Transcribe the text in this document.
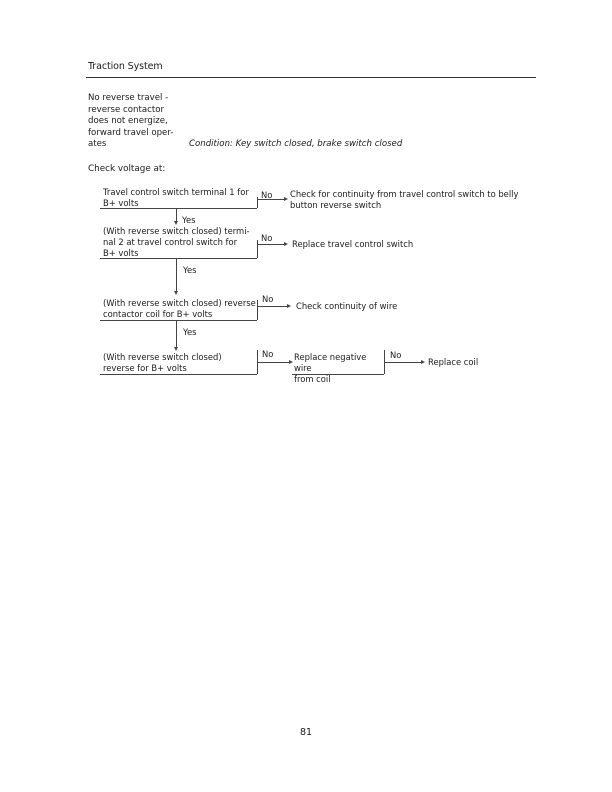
Traction System
No reverse travel -
reverse contactor
does not energize,
forward travel oper-
ates	Condition: Key switch closed, brake switch closed
Check voltage at:
Travel control switch terminal 1 for
B+ volts
No Check for continuity from travel control switch to belly
button reverse switch
Yes
(With reverse switch closed) termi-
nal 2 at travel control switch for
B+ volts
No
Replace travel control switch
Yes
(With reverse switch closed) reverse
contactor coil for B+ volts
No
Check continuity of wire
Yes
(With reverse switch closed)
reverse for B+ volts
No Replace negative wire
from coil
No
Replace coil
81
